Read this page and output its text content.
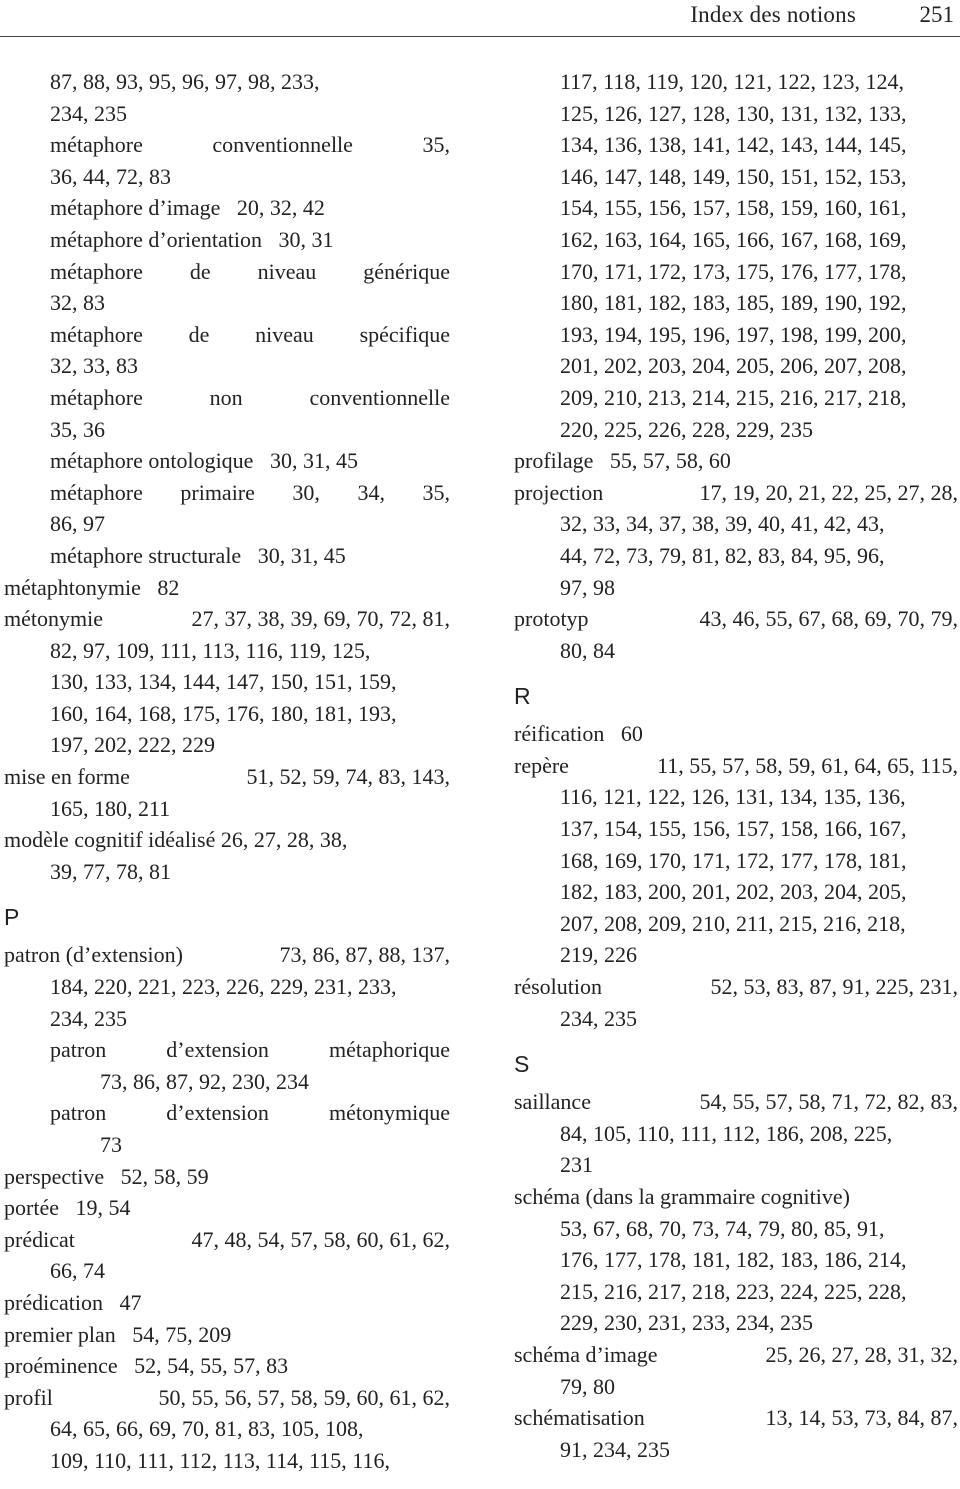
Index des notions	251
87, 88, 93, 95, 96, 97, 98, 233,
234, 235
métaphore	conventionnelle	35,
36, 44, 72, 83
métaphore d’image   20, 32, 42
métaphore d’orientation   30, 31
métaphore de niveau générique
32, 83
métaphore de niveau spécifique
32, 33, 83
métaphore	non	conventionnelle
35, 36
métaphore ontologique   30, 31, 45
métaphore primaire 30, 34, 35,
86, 97
métaphore structurale   30, 31, 45
métaphtonymie   82
métonymie	27, 37, 38, 39, 69, 70, 72, 81,
82, 97, 109, 111, 113, 116, 119, 125,
130, 133, 134, 144, 147, 150, 151, 159,
160, 164, 168, 175, 176, 180, 181, 193,
197, 202, 222, 229
mise en forme	51, 52, 59, 74, 83, 143,
165, 180, 211
modèle cognitif idéalisé 26, 27, 28, 38,
39, 77, 78, 81
P
patron (d’extension)	73, 86, 87, 88, 137,
184, 220, 221, 223, 226, 229, 231, 233,
234, 235
patron	d’extension	métaphorique
73, 86, 87, 92, 230, 234
patron	d’extension	métonymique
73
perspective   52, 58, 59
portée   19, 54
prédicat	47, 48, 54, 57, 58, 60, 61, 62,
66, 74
prédication   47
premier plan   54, 75, 209
proéminence   52, 54, 55, 57, 83
profil	50, 55, 56, 57, 58, 59, 60, 61, 62,
64, 65, 66, 69, 70, 81, 83, 105, 108,
109, 110, 111, 112, 113, 114, 115, 116,
117, 118, 119, 120, 121, 122, 123, 124,
125, 126, 127, 128, 130, 131, 132, 133,
134, 136, 138, 141, 142, 143, 144, 145,
146, 147, 148, 149, 150, 151, 152, 153,
154, 155, 156, 157, 158, 159, 160, 161,
162, 163, 164, 165, 166, 167, 168, 169,
170, 171, 172, 173, 175, 176, 177, 178,
180, 181, 182, 183, 185, 189, 190, 192,
193, 194, 195, 196, 197, 198, 199, 200,
201, 202, 203, 204, 205, 206, 207, 208,
209, 210, 213, 214, 215, 216, 217, 218,
220, 225, 226, 228, 229, 235
profilage   55, 57, 58, 60
projection	17, 19, 20, 21, 22, 25, 27, 28,
32, 33, 34, 37, 38, 39, 40, 41, 42, 43,
44, 72, 73, 79, 81, 82, 83, 84, 95, 96,
97, 98
prototyp	43, 46, 55, 67, 68, 69, 70, 79,
80, 84
R
réification   60
repère	11, 55, 57, 58, 59, 61, 64, 65, 115,
116, 121, 122, 126, 131, 134, 135, 136,
137, 154, 155, 156, 157, 158, 166, 167,
168, 169, 170, 171, 172, 177, 178, 181,
182, 183, 200, 201, 202, 203, 204, 205,
207, 208, 209, 210, 211, 215, 216, 218,
219, 226
résolution	52, 53, 83, 87, 91, 225, 231,
234, 235
S
saillance	54, 55, 57, 58, 71, 72, 82, 83,
84, 105, 110, 111, 112, 186, 208, 225,
231
schéma (dans la grammaire cognitive)
53, 67, 68, 70, 73, 74, 79, 80, 85, 91,
176, 177, 178, 181, 182, 183, 186, 214,
215, 216, 217, 218, 223, 224, 225, 228,
229, 230, 231, 233, 234, 235
schéma d’image	25, 26, 27, 28, 31, 32,
79, 80
schématisation	13, 14, 53, 73, 84, 87,
91, 234, 235
